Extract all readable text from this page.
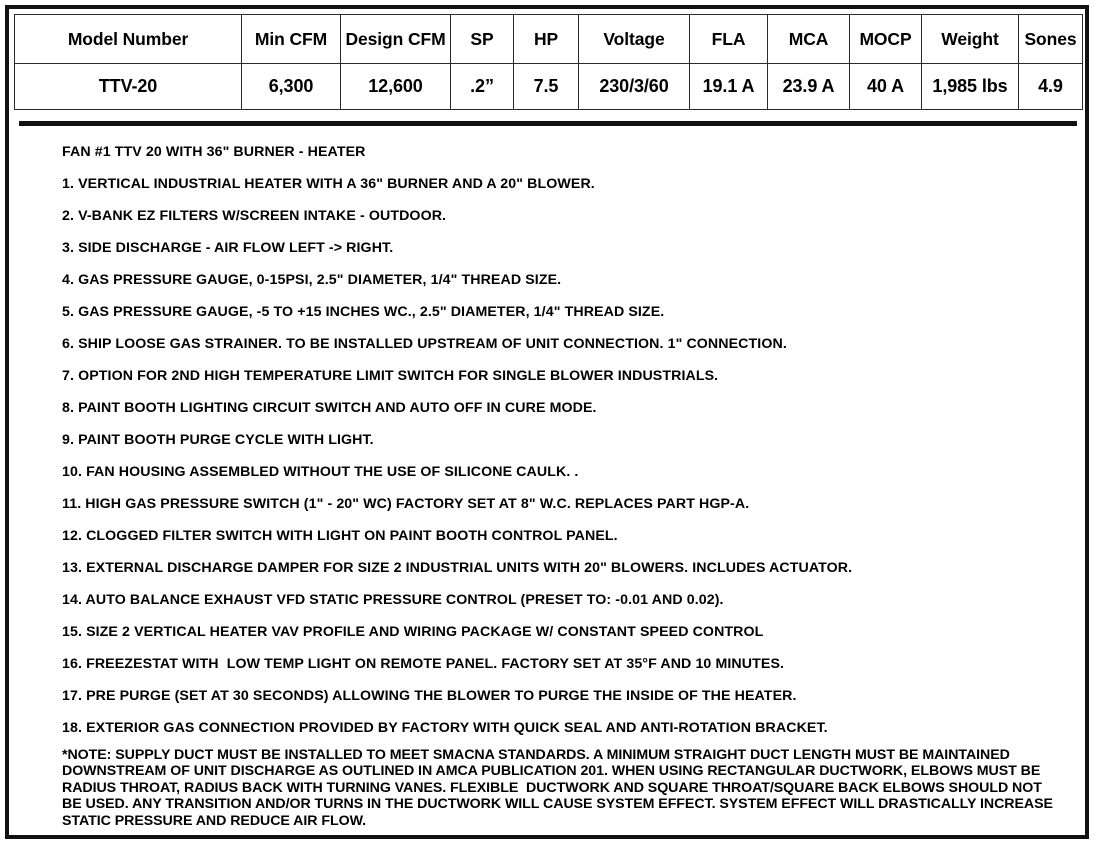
Model Number	Min CFM	Design CFM	SP	HP	Voltage	FLA	MCA	MOCP	Weight	Sones
TTV-20	6,300	12,600	.2”	7.5	230/3/60	19.1 A	23.9 A	40 A	1,985 lbs	4.9
FAN #1 TTV 20 WITH 36" BURNER - HEATER
1. VERTICAL INDUSTRIAL HEATER WITH A 36" BURNER AND A 20" BLOWER.
2. V-BANK EZ FILTERS W/SCREEN INTAKE - OUTDOOR.
3. SIDE DISCHARGE - AIR FLOW LEFT -> RIGHT.
4. GAS PRESSURE GAUGE, 0-15PSI, 2.5" DIAMETER, 1/4" THREAD SIZE.
5. GAS PRESSURE GAUGE, -5 TO +15 INCHES WC., 2.5" DIAMETER, 1/4" THREAD SIZE.
6. SHIP LOOSE GAS STRAINER. TO BE INSTALLED UPSTREAM OF UNIT CONNECTION. 1" CONNECTION.
7. OPTION FOR 2ND HIGH TEMPERATURE LIMIT SWITCH FOR SINGLE BLOWER INDUSTRIALS.
8. PAINT BOOTH LIGHTING CIRCUIT SWITCH AND AUTO OFF IN CURE MODE.
9. PAINT BOOTH PURGE CYCLE WITH LIGHT.
10. FAN HOUSING ASSEMBLED WITHOUT THE USE OF SILICONE CAULK. .
11. HIGH GAS PRESSURE SWITCH (1" - 20" WC) FACTORY SET AT 8" W.C. REPLACES PART HGP-A.
12. CLOGGED FILTER SWITCH WITH LIGHT ON PAINT BOOTH CONTROL PANEL.
13. EXTERNAL DISCHARGE DAMPER FOR SIZE 2 INDUSTRIAL UNITS WITH 20" BLOWERS. INCLUDES ACTUATOR.
14. AUTO BALANCE EXHAUST VFD STATIC PRESSURE CONTROL (PRESET TO: -0.01 AND 0.02).
15. SIZE 2 VERTICAL HEATER VAV PROFILE AND WIRING PACKAGE W/ CONSTANT SPEED CONTROL
16. FREEZESTAT WITH  LOW TEMP LIGHT ON REMOTE PANEL. FACTORY SET AT 35°F AND 10 MINUTES.
17. PRE PURGE (SET AT 30 SECONDS) ALLOWING THE BLOWER TO PURGE THE INSIDE OF THE HEATER.
18. EXTERIOR GAS CONNECTION PROVIDED BY FACTORY WITH QUICK SEAL AND ANTI-ROTATION BRACKET.
*NOTE: SUPPLY DUCT MUST BE INSTALLED TO MEET SMACNA STANDARDS. A MINIMUM STRAIGHT DUCT LENGTH MUST BE MAINTAINED
DOWNSTREAM OF UNIT DISCHARGE AS OUTLINED IN AMCA PUBLICATION 201. WHEN USING RECTANGULAR DUCTWORK, ELBOWS MUST BE
RADIUS THROAT, RADIUS BACK WITH TURNING VANES. FLEXIBLE  DUCTWORK AND SQUARE THROAT/SQUARE BACK ELBOWS SHOULD NOT
BE USED. ANY TRANSITION AND/OR TURNS IN THE DUCTWORK WILL CAUSE SYSTEM EFFECT. SYSTEM EFFECT WILL DRASTICALLY INCREASE
STATIC PRESSURE AND REDUCE AIR FLOW.
